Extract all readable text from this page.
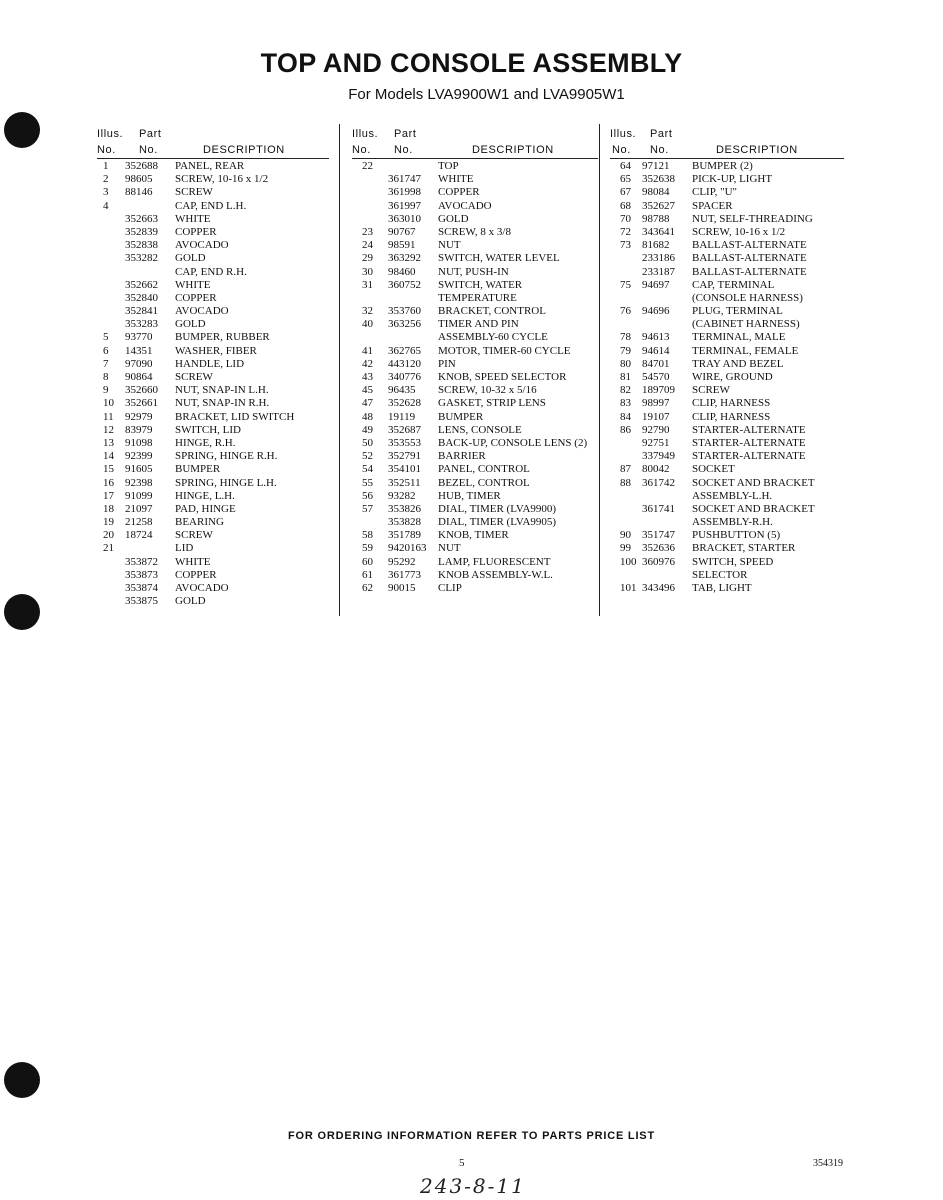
TOP AND CONSOLE ASSEMBLY
For Models LVA9900W1 and LVA9905W1
Illus. Part
No. No.	DESCRIPTION
1 352688 PANEL, REAR
2 98605 SCREW, 10-16 x 1/2
3 88146 SCREW
4	CAP, END L.H.
352663 WHITE
352839 COPPER
352838 AVOCADO
353282 GOLD
CAP, END R.H.
352662 WHITE
352840 COPPER
352841 AVOCADO
353283 GOLD
5 93770 BUMPER, RUBBER
6 14351 WASHER, FIBER
7 97090 HANDLE, LID
8 90864 SCREW
9 352660 NUT, SNAP-IN L.H.
10 352661 NUT, SNAP-IN R.H.
11 92979 BRACKET, LID SWITCH
12 83979 SWITCH, LID
13 91098 HINGE, R.H.
14 92399 SPRING, HINGE R.H.
15 91605 BUMPER
16 92398 SPRING, HINGE L.H.
17 91099 HINGE, L.H.
18 21097 PAD, HINGE
19 21258 BEARING
20 18724 SCREW
21	LID
353872 WHITE
353873 COPPER
353874 AVOCADO
353875 GOLD
Illus. Part
No. No.	DESCRIPTION
22	TOP
361747 WHITE
361998 COPPER
361997 AVOCADO
363010 GOLD
23 90767 SCREW, 8 x 3/8
24 98591 NUT
29 363292 SWITCH, WATER LEVEL
30 98460 NUT, PUSH-IN
31 360752 SWITCH, WATER
TEMPERATURE
32 353760 BRACKET, CONTROL
40 363256 TIMER AND PIN
ASSEMBLY-60 CYCLE
41 362765 MOTOR, TIMER-60 CYCLE
42 443120 PIN
43 340776 KNOB, SPEED SELECTOR
45 96435 SCREW, 10-32 x 5/16
47 352628 GASKET, STRIP LENS
48 19119 BUMPER
49 352687 LENS, CONSOLE
50 353553 BACK-UP, CONSOLE LENS (2)
52 352791 BARRIER
54 354101 PANEL, CONTROL
55 352511 BEZEL, CONTROL
56 93282 HUB, TIMER
57 353826 DIAL, TIMER (LVA9900)
353828 DIAL, TIMER (LVA9905)
58 351789 KNOB, TIMER
59 9420163 NUT
60 95292 LAMP, FLUORESCENT
61 361773 KNOB ASSEMBLY-W.L.
62 90015 CLIP
Illus. Part
No. No.	DESCRIPTION
64 97121 BUMPER (2)
65 352638 PICK-UP, LIGHT
67 98084 CLIP, "U"
68 352627 SPACER
70 98788 NUT, SELF-THREADING
72 343641 SCREW, 10-16 x 1/2
73 81682 BALLAST-ALTERNATE
233186 BALLAST-ALTERNATE
233187 BALLAST-ALTERNATE
75 94697 CAP, TERMINAL
(CONSOLE HARNESS)
76 94696 PLUG, TERMINAL
(CABINET HARNESS)
78 94613 TERMINAL, MALE
79 94614 TERMINAL, FEMALE
80 84701 TRAY AND BEZEL
81 54570 WIRE, GROUND
82 189709 SCREW
83 98997 CLIP, HARNESS
84 19107 CLIP, HARNESS
86 92790 STARTER-ALTERNATE
92751 STARTER-ALTERNATE
337949 STARTER-ALTERNATE
87 80042 SOCKET
88 361742 SOCKET AND BRACKET
ASSEMBLY-L.H.
361741 SOCKET AND BRACKET
ASSEMBLY-R.H.
90 351747 PUSHBUTTON (5)
99 352636 BRACKET, STARTER
100 360976 SWITCH, SPEED
SELECTOR
101 343496 TAB, LIGHT
FOR ORDERING INFORMATION REFER TO PARTS PRICE LIST
5	354319
243-8-11
